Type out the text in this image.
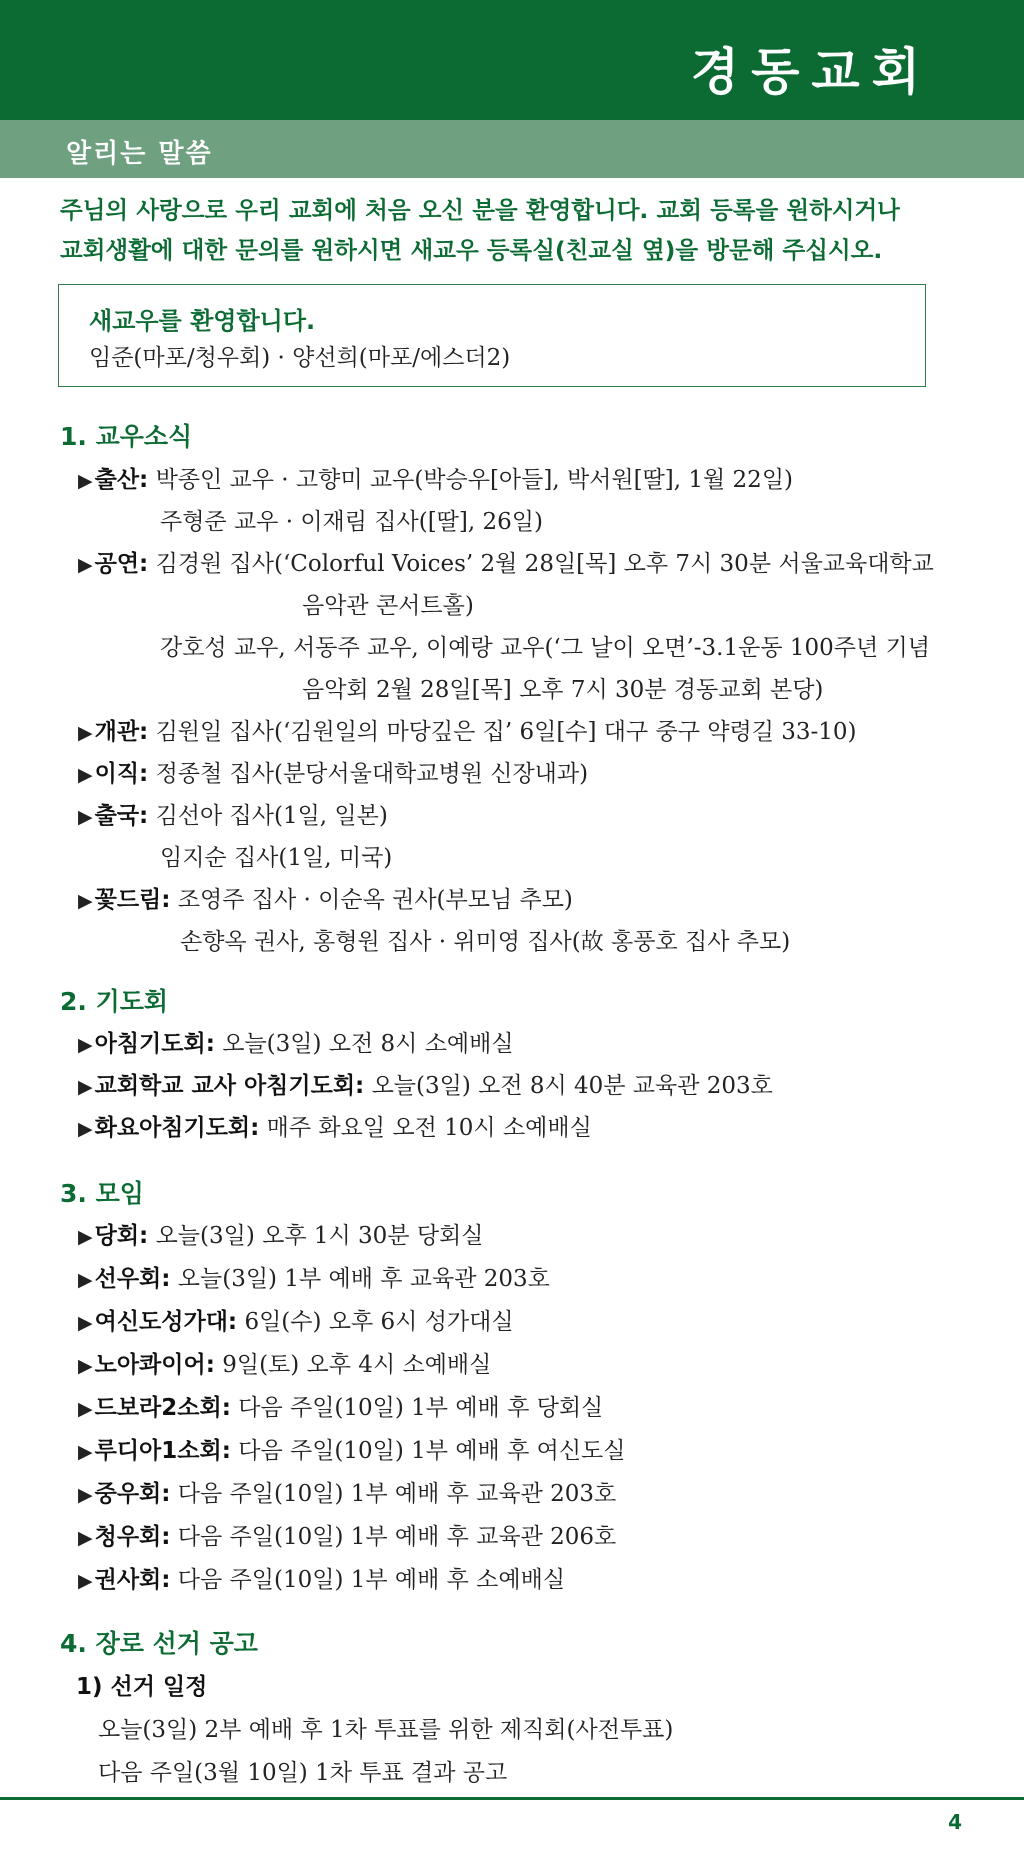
경동교회
알리는 말씀
주님의 사랑으로 우리 교회에 처음 오신 분을 환영합니다. 교회 등록을 원하시거나
교회생활에 대한 문의를 원하시면 새교우 등록실(친교실 옆)을 방문해 주십시오.
새교우를 환영합니다.
임준(마포/청우회) · 양선희(마포/에스더2)
1. 교우소식
▶출산: 박종인 교우 · 고향미 교우(박승우[아들], 박서원[딸], 1월 22일)
주형준 교우 · 이재림 집사([딸], 26일)
▶공연: 김경원 집사(‘Colorful Voices’ 2월 28일[목] 오후 7시 30분 서울교육대학교
음악관 콘서트홀)
강호성 교우, 서동주 교우, 이예랑 교우(‘그 날이 오면’-3.1운동 100주년 기념
음악회 2월 28일[목] 오후 7시 30분 경동교회 본당)
▶개관: 김원일 집사(‘김원일의 마당깊은 집’ 6일[수] 대구 중구 약령길 33-10)
▶이직: 정종철 집사(분당서울대학교병원 신장내과)
▶출국: 김선아 집사(1일, 일본)
임지순 집사(1일, 미국)
▶꽃드림: 조영주 집사 · 이순옥 권사(부모님 추모)
손향옥 권사, 홍형원 집사 · 위미영 집사(故 홍풍호 집사 추모)
2. 기도회
▶아침기도회: 오늘(3일) 오전 8시 소예배실
▶교회학교 교사 아침기도회: 오늘(3일) 오전 8시 40분 교육관 203호
▶화요아침기도회: 매주 화요일 오전 10시 소예배실
3. 모임
▶당회: 오늘(3일) 오후 1시 30분 당회실
▶선우회: 오늘(3일) 1부 예배 후 교육관 203호
▶여신도성가대: 6일(수) 오후 6시 성가대실
▶노아콰이어: 9일(토) 오후 4시 소예배실
▶드보라2소회: 다음 주일(10일) 1부 예배 후 당회실
▶루디아1소회: 다음 주일(10일) 1부 예배 후 여신도실
▶중우회: 다음 주일(10일) 1부 예배 후 교육관 203호
▶청우회: 다음 주일(10일) 1부 예배 후 교육관 206호
▶권사회: 다음 주일(10일) 1부 예배 후 소예배실
4. 장로 선거 공고
1) 선거 일정
오늘(3일) 2부 예배 후 1차 투표를 위한 제직회(사전투표)
다음 주일(3월 10일) 1차 투표 결과 공고
4
